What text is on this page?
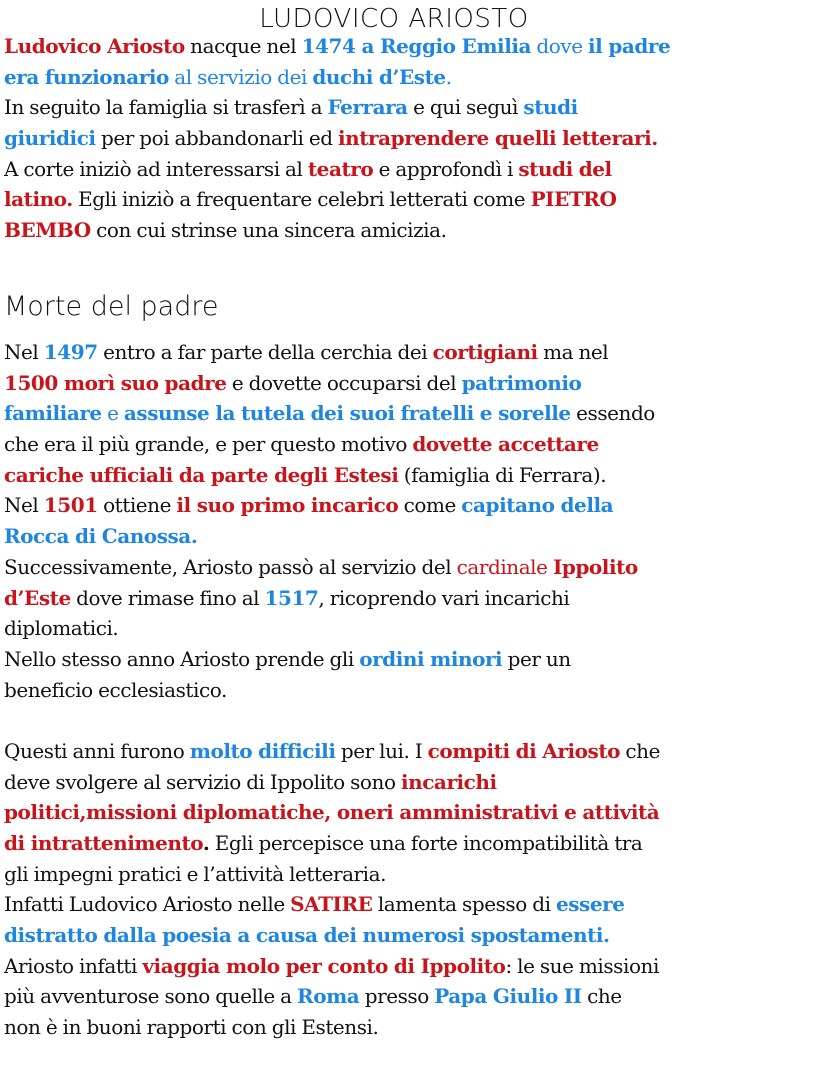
LUDOVICO ARIOSTO
Ludovico Ariosto nacque nel 1474 a Reggio Emilia dove il padre
era funzionario al servizio dei duchi d’Este.
In seguito la famiglia si trasferì a Ferrara e qui seguì studi
giuridici per poi abbandonarli ed intraprendere quelli letterari.
A corte iniziò ad interessarsi al teatro e approfondì i studi del
latino. Egli iniziò a frequentare celebri letterati come PIETRO
BEMBO con cui strinse una sincera amicizia.
Morte del padre
Nel 1497 entro a far parte della cerchia dei cortigiani ma nel
1500 morì suo padre e dovette occuparsi del patrimonio
familiare e assunse la tutela dei suoi fratelli e sorelle essendo
che era il più grande, e per questo motivo dovette accettare
cariche ufficiali da parte degli Estesi (famiglia di Ferrara).
Nel 1501 ottiene il suo primo incarico come capitano della
Rocca di Canossa.
Successivamente, Ariosto passò al servizio del cardinale Ippolito
d’Este dove rimase fino al 1517, ricoprendo vari incarichi
diplomatici.
Nello stesso anno Ariosto prende gli ordini minori per un
beneficio ecclesiastico.
Questi anni furono molto difficili per lui. I compiti di Ariosto che
deve svolgere al servizio di Ippolito sono incarichi
politici,missioni diplomatiche, oneri amministrativi e attività
di intrattenimento. Egli percepisce una forte incompatibilità tra
gli impegni pratici e l’attività letteraria.
Infatti Ludovico Ariosto nelle SATIRE lamenta spesso di essere
distratto dalla poesia a causa dei numerosi spostamenti.
Ariosto infatti viaggia molo per conto di Ippolito: le sue missioni
più avventurose sono quelle a Roma presso Papa Giulio II che
non è in buoni rapporti con gli Estensi.
